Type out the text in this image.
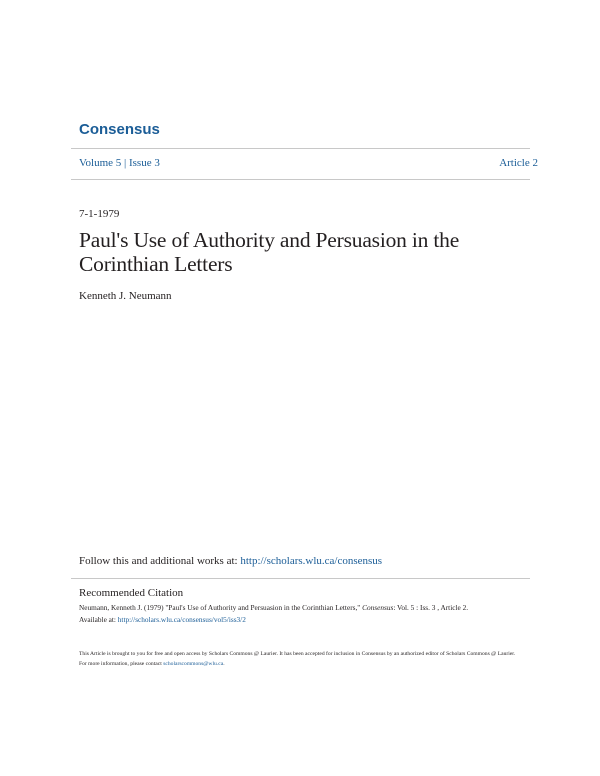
Consensus
Volume 5 | Issue 3	Article 2
7-1-1979
Paul's Use of Authority and Persuasion in the Corinthian Letters
Kenneth J. Neumann
Follow this and additional works at: http://scholars.wlu.ca/consensus
Recommended Citation
Neumann, Kenneth J. (1979) "Paul's Use of Authority and Persuasion in the Corinthian Letters," Consensus: Vol. 5 : Iss. 3 , Article 2.
Available at: http://scholars.wlu.ca/consensus/vol5/iss3/2
This Article is brought to you for free and open access by Scholars Commons @ Laurier. It has been accepted for inclusion in Consensus by an authorized editor of Scholars Commons @ Laurier. For more information, please contact scholarscommons@wlu.ca.
